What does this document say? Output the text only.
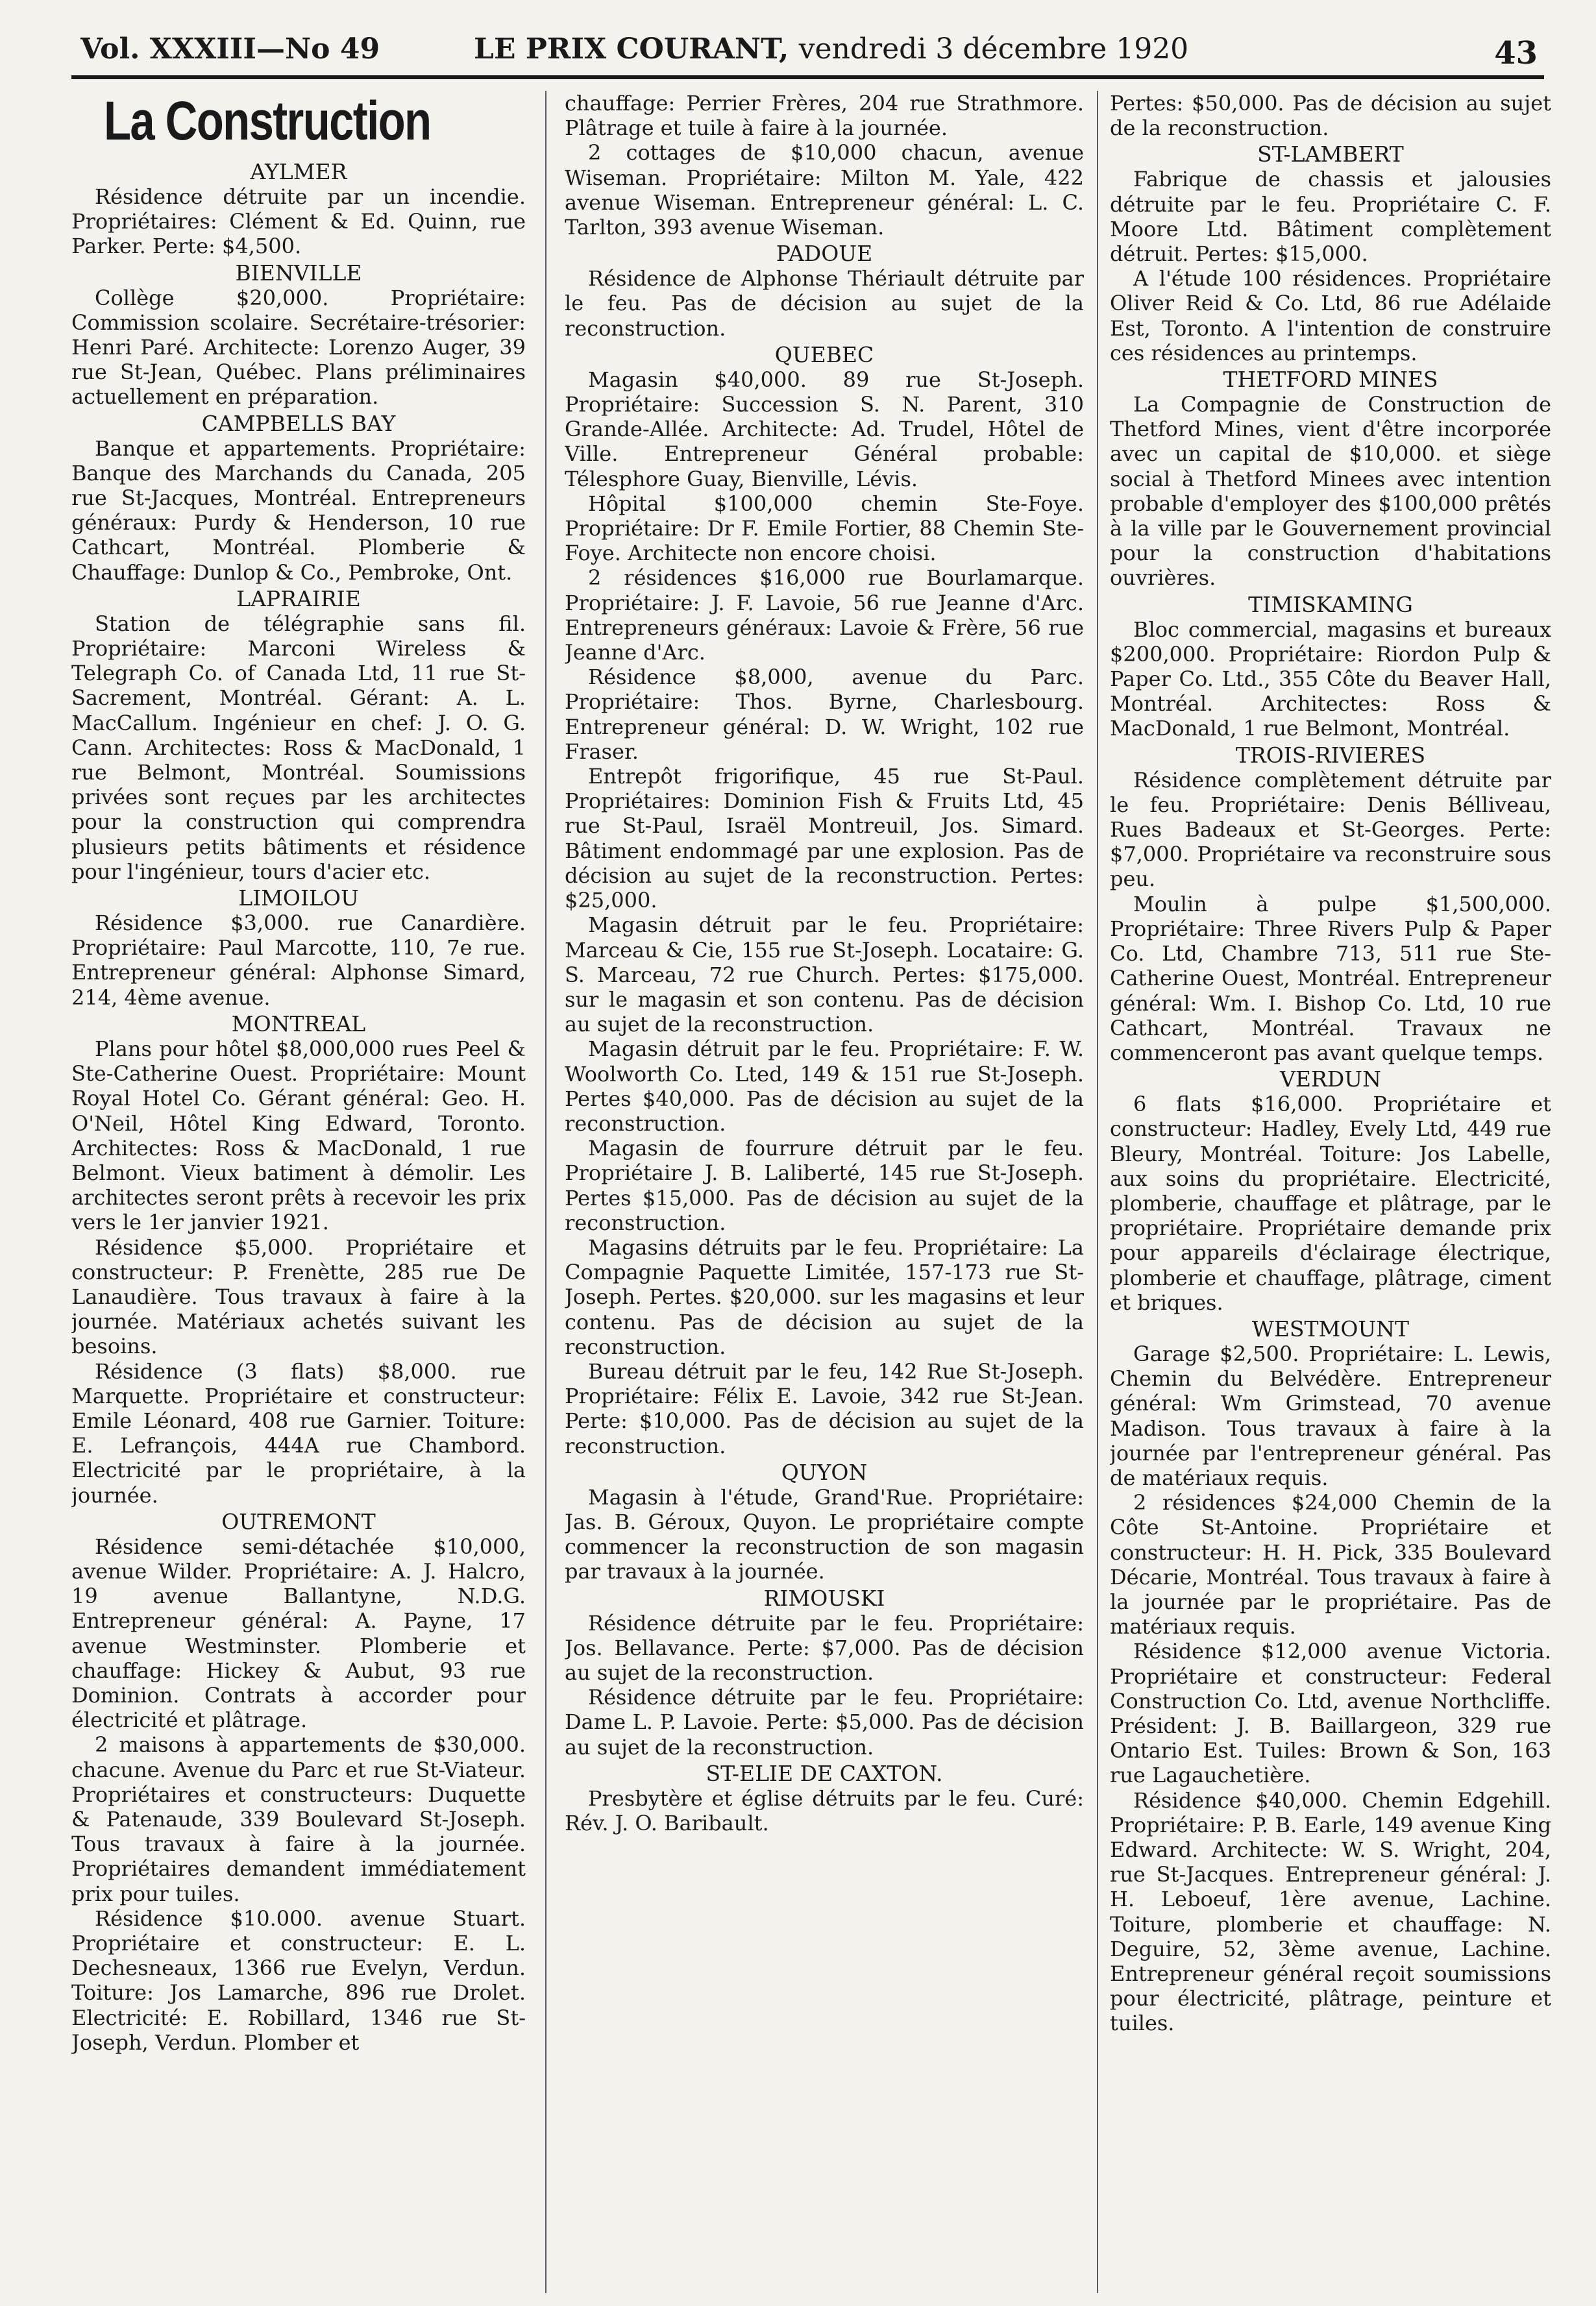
Vol. XXXIII—No 49	LE PRIX COURANT, vendredi 3 décembre 1920	43
La Construction
AYLMER

Résidence détruite par un incendie. Propriétaires: Clément & Ed. Quinn, rue Parker. Perte: $4,500.

BIENVILLE

Collège $20,000. Propriétaire: Commission scolaire. Secrétaire-trésorier: Henri Paré. Architecte: Lorenzo Auger, 39 rue St-Jean, Québec. Plans préliminaires actuellement en préparation.

CAMPBELLS BAY

Banque et appartements. Propriétaire: Banque des Marchands du Canada, 205 rue St-Jacques, Montréal. Entrepreneurs généraux: Purdy & Henderson, 10 rue Cathcart, Montréal. Plomberie & Chauffage: Dunlop & Co., Pembroke, Ont.

LAPRAIRIE

Station de télégraphie sans fil. Propriétaire: Marconi Wireless & Telegraph Co. of Canada Ltd, 11 rue St-Sacrement, Montréal. Gérant: A. L. MacCallum. Ingénieur en chef: J. O. G. Cann. Architectes: Ross & MacDonald, 1 rue Belmont, Montréal. Soumissions privées sont reçues par les architectes pour la construction qui comprendra plusieurs petits bâtiments et résidence pour l'ingénieur, tours d'acier etc.

LIMOILOU

Résidence $3,000. rue Canardière. Propriétaire: Paul Marcotte, 110, 7e rue. Entrepreneur général: Alphonse Simard, 214, 4ème avenue.

MONTREAL

Plans pour hôtel $8,000,000 rues Peel & Ste-Catherine Ouest. Propriétaire: Mount Royal Hotel Co. Gérant général: Geo. H. O'Neil, Hôtel King Edward, Toronto. Architectes: Ross & MacDonald, 1 rue Belmont. Vieux batiment à démolir. Les architectes seront prêts à recevoir les prix vers le 1er janvier 1921.

Résidence $5,000. Propriétaire et constructeur: P. Frenètte, 285 rue De Lanaudière. Tous travaux à faire à la journée. Matériaux achetés suivant les besoins.

Résidence (3 flats) $8,000. rue Marquette. Propriétaire et constructeur: Emile Léonard, 408 rue Garnier. Toiture: E. Lefrançois, 444A rue Chambord. Electricité par le propriétaire, à la journée.

OUTREMONT

Résidence semi-détachée $10,000, avenue Wilder. Propriétaire: A. J. Halcro, 19 avenue Ballantyne, N.D.G. Entrepreneur général: A. Payne, 17 avenue Westminster. Plomberie et chauffage: Hickey & Aubut, 93 rue Dominion. Contrats à accorder pour électricité et plâtrage.

2 maisons à appartements de $30,000. chacune. Avenue du Parc et rue St-Viateur. Propriétaires et constructeurs: Duquette & Patenaude, 339 Boulevard St-Joseph. Tous travaux à faire à la journée. Propriétaires demandent immédiatement prix pour tuiles.

Résidence $10.000. avenue Stuart. Propriétaire et constructeur: E. L. Dechesneaux, 1366 rue Evelyn, Verdun. Toiture: Jos Lamarche, 896 rue Drolet. Electricité: E. Robillard, 1346 rue St-Joseph, Verdun. Plomber et

chauffage: Perrier Frères, 204 rue Strathmore. Plâtrage et tuile à faire à la journée.

2 cottages de $10,000 chacun, avenue Wiseman. Propriétaire: Milton M. Yale, 422 avenue Wiseman. Entrepreneur général: L. C. Tarlton, 393 avenue Wiseman.

PADOUE

Résidence de Alphonse Thériault détruite par le feu. Pas de décision au sujet de la reconstruction.

QUEBEC

Magasin $40,000. 89 rue St-Joseph. Propriétaire: Succession S. N. Parent, 310 Grande-Allée. Architecte: Ad. Trudel, Hôtel de Ville. Entrepreneur Général probable: Télesphore Guay, Bienville, Lévis.

Hôpital $100,000 chemin Ste-Foye. Propriétaire: Dr F. Emile Fortier, 88 Chemin Ste-Foye. Architecte non encore choisi.

2 résidences $16,000 rue Bourlamarque. Propriétaire: J. F. Lavoie, 56 rue Jeanne d'Arc. Entrepreneurs généraux: Lavoie & Frère, 56 rue Jeanne d'Arc.

Résidence $8,000, avenue du Parc. Propriétaire: Thos. Byrne, Charlesbourg. Entrepreneur général: D. W. Wright, 102 rue Fraser.

Entrepôt frigorifique, 45 rue St-Paul. Propriétaires: Dominion Fish & Fruits Ltd, 45 rue St-Paul, Israël Montreuil, Jos. Simard. Bâtiment endommagé par une explosion. Pas de décision au sujet de la reconstruction. Pertes: $25,000.

Magasin détruit par le feu. Propriétaire: Marceau & Cie, 155 rue St-Joseph. Locataire: G. S. Marceau, 72 rue Church. Pertes: $175,000. sur le magasin et son contenu. Pas de décision au sujet de la reconstruction.

Magasin détruit par le feu. Propriétaire: F. W. Woolworth Co. Lted, 149 & 151 rue St-Joseph. Pertes $40,000. Pas de décision au sujet de la reconstruction.

Magasin de fourrure détruit par le feu. Propriétaire J. B. Laliberté, 145 rue St-Joseph. Pertes $15,000. Pas de décision au sujet de la reconstruction.

Magasins détruits par le feu. Propriétaire: La Compagnie Paquette Limitée, 157-173 rue St-Joseph. Pertes. $20,000. sur les magasins et leur contenu. Pas de décision au sujet de la reconstruction.

Bureau détruit par le feu, 142 Rue St-Joseph. Propriétaire: Félix E. Lavoie, 342 rue St-Jean. Perte: $10,000. Pas de décision au sujet de la reconstruction.

QUYON

Magasin à l'étude, Grand'Rue. Propriétaire: Jas. B. Géroux, Quyon. Le propriétaire compte commencer la reconstruction de son magasin par travaux à la journée.

RIMOUSKI

Résidence détruite par le feu. Propriétaire: Jos. Bellavance. Perte: $7,000. Pas de décision au sujet de la reconstruction.

Résidence détruite par le feu. Propriétaire: Dame L. P. Lavoie. Perte: $5,000. Pas de décision au sujet de la reconstruction.

ST-ELIE DE CAXTON.

Presbytère et église détruits par le feu. Curé: Rév. J. O. Baribault.

Pertes: $50,000. Pas de décision au sujet de la reconstruction.

ST-LAMBERT

Fabrique de chassis et jalousies détruite par le feu. Propriétaire C. F. Moore Ltd. Bâtiment complètement détruit. Pertes: $15,000.

A l'étude 100 résidences. Propriétaire Oliver Reid & Co. Ltd, 86 rue Adélaide Est, Toronto. A l'intention de construire ces résidences au printemps.

THETFORD MINES

La Compagnie de Construction de Thetford Mines, vient d'être incorporée avec un capital de $10,000. et siège social à Thetford Minees avec intention probable d'employer des $100,000 prêtés à la ville par le Gouvernement provincial pour la construction d'habitations ouvrières.

TIMISKAMING

Bloc commercial, magasins et bureaux $200,000. Propriétaire: Riordon Pulp & Paper Co. Ltd., 355 Côte du Beaver Hall, Montréal. Architectes: Ross & MacDonald, 1 rue Belmont, Montréal.

TROIS-RIVIERES

Résidence complètement détruite par le feu. Propriétaire: Denis Bélliveau, Rues Badeaux et St-Georges. Perte: $7,000. Propriétaire va reconstruire sous peu.

Moulin à pulpe $1,500,000. Propriétaire: Three Rivers Pulp & Paper Co. Ltd, Chambre 713, 511 rue Ste-Catherine Ouest, Montréal. Entrepreneur général: Wm. I. Bishop Co. Ltd, 10 rue Cathcart, Montréal. Travaux ne commenceront pas avant quelque temps.

VERDUN

6 flats $16,000. Propriétaire et constructeur: Hadley, Evely Ltd, 449 rue Bleury, Montréal. Toiture: Jos Labelle, aux soins du propriétaire. Electricité, plomberie, chauffage et plâtrage, par le propriétaire. Propriétaire demande prix pour appareils d'éclairage électrique, plomberie et chauffage, plâtrage, ciment et briques.

WESTMOUNT

Garage $2,500. Propriétaire: L. Lewis, Chemin du Belvédère. Entrepreneur général: Wm Grimstead, 70 avenue Madison. Tous travaux à faire à la journée par l'entrepreneur général. Pas de matériaux requis.

2 résidences $24,000 Chemin de la Côte St-Antoine. Propriétaire et constructeur: H. H. Pick, 335 Boulevard Décarie, Montréal. Tous travaux à faire à la journée par le propriétaire. Pas de matériaux requis.

Résidence $12,000 avenue Victoria. Propriétaire et constructeur: Federal Construction Co. Ltd, avenue Northcliffe. Président: J. B. Baillargeon, 329 rue Ontario Est. Tuiles: Brown & Son, 163 rue Lagauchetière.

Résidence $40,000. Chemin Edgehill. Propriétaire: P. B. Earle, 149 avenue King Edward. Architecte: W. S. Wright, 204, rue St-Jacques. Entrepreneur général: J. H. Leboeuf, 1ère avenue, Lachine. Toiture, plomberie et chauffage: N. Deguire, 52, 3ème avenue, Lachine. Entrepreneur général reçoit soumissions pour électricité, plâtrage, peinture et tuiles.
